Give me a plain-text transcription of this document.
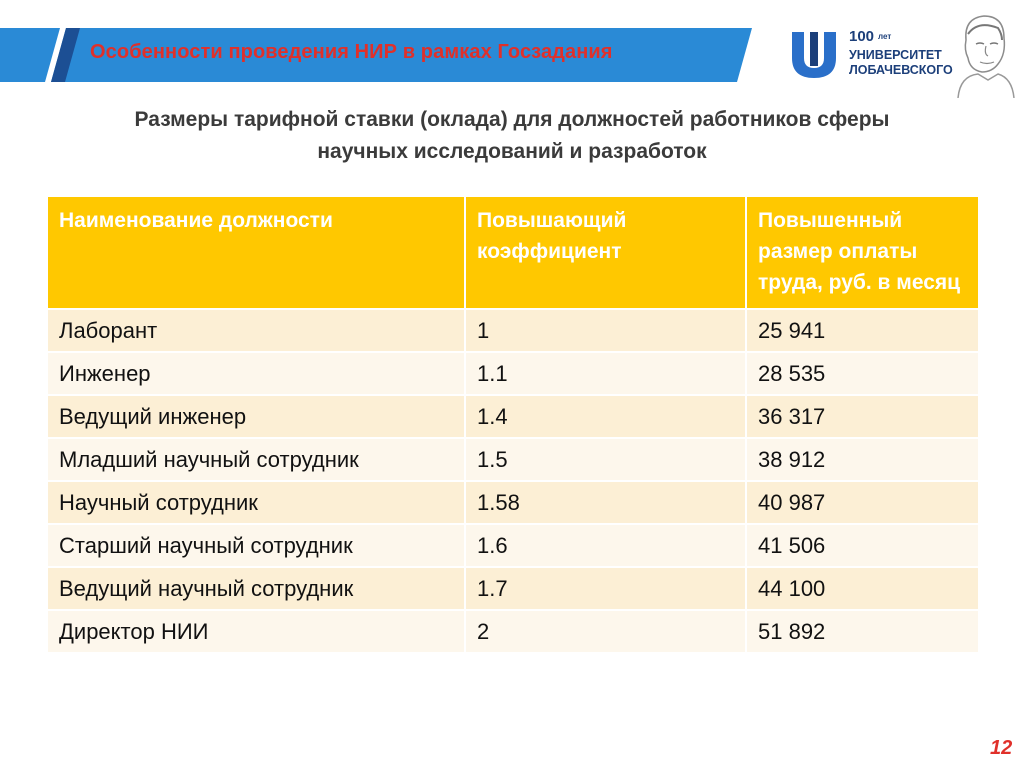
Особенности проведения НИР в рамках Госзадания
100 лет
УНИВЕРСИТЕТ
ЛОБАЧЕВСКОГО
Размеры тарифной ставки (оклада) для должностей работников сферы
научных исследований и разработок
Наименование должности	Повышающий коэффициент	Повышенный размер оплаты труда, руб. в месяц
Лаборант	1	25 941
Инженер	1.1	28 535
Ведущий инженер	1.4	36 317
Младший научный сотрудник	1.5	38 912
Научный сотрудник	1.58	40 987
Старший научный сотрудник	1.6	41 506
Ведущий научный сотрудник	1.7	44 100
Директор НИИ	2	51 892
12
